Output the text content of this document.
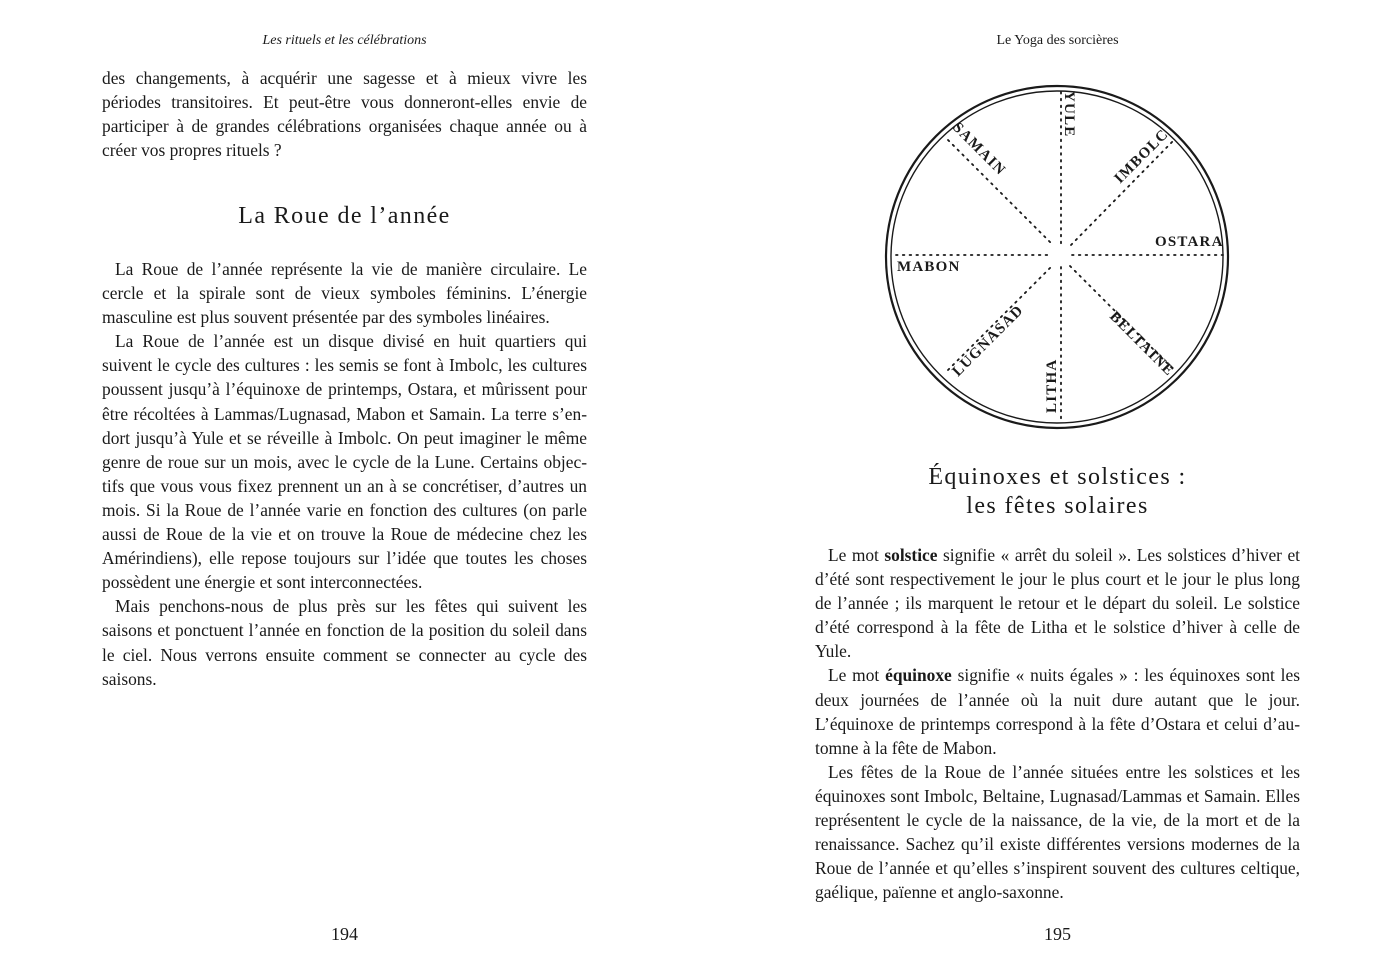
Les rituels et les célébrations

des changements, à acquérir une sagesse et à mieux vivre les périodes transitoires. Et peut-être vous donneront-elles envie de participer à de grandes célébrations organisées chaque année ou à créer vos propres rituels ?

La Roue de l’année

La Roue de l’année représente la vie de manière circulaire. Le cercle et la spirale sont de vieux symboles féminins. L’énergie masculine est plus souvent présentée par des symboles linéaires.

La Roue de l’année est un disque divisé en huit quartiers qui suivent le cycle des cultures : les semis se font à Imbolc, les cultures poussent jusqu’à l’équinoxe de printemps, Ostara, et mûrissent pour être récoltées à Lammas/Lugnasad, Mabon et Samain. La terre s’endort jusqu’à Yule et se réveille à Imbolc. On peut imaginer le même genre de roue sur un mois, avec le cycle de la Lune. Certains objectifs que vous vous fixez prennent un an à se concrétiser, d’autres un mois. Si la Roue de l’année varie en fonction des cultures (on parle aussi de Roue de la vie et on trouve la Roue de médecine chez les Amérindiens), elle repose toujours sur l’idée que toutes les choses possèdent une énergie et sont interconnectées.

Mais penchons-nous de plus près sur les fêtes qui suivent les saisons et ponctuent l’année en fonction de la position du soleil dans le ciel. Nous verrons ensuite comment se connecter au cycle des saisons.

194
Le Yoga des sorcières
YULE
SAMAIN	IMBOLC
OSTARA
MABON
LUGNASAD
LITHA
BELTAINE
Équinoxes et solstices :
les fêtes solaires

Le mot solstice signifie « arrêt du soleil ». Les solstices d’hiver et d’été sont respectivement le jour le plus court et le jour le plus long de l’année ; ils marquent le retour et le départ du soleil. Le solstice d’été correspond à la fête de Litha et le solstice d’hiver à celle de Yule.

Le mot équinoxe signifie « nuits égales » : les équinoxes sont les deux journées de l’année où la nuit dure autant que le jour. L’équinoxe de printemps correspond à la fête d’Ostara et celui d’automne à la fête de Mabon.

Les fêtes de la Roue de l’année situées entre les solstices et les équinoxes sont Imbolc, Beltaine, Lugnasad/Lammas et Samain. Elles représentent le cycle de la naissance, de la vie, de la mort et de la renaissance. Sachez qu’il existe différentes versions modernes de la Roue de l’année et qu’elles s’inspirent souvent des cultures celtique, gaélique, païenne et anglo-saxonne.

195
